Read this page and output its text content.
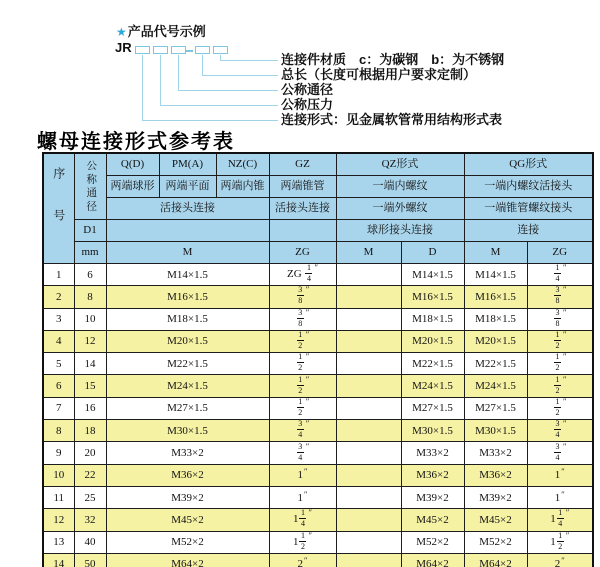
★产品代号示例
JR
连接件材质　c：为碳钢　b：为不锈钢
总长（长度可根据用户要求定制）
公称通径
公称压力
连接形式：见金属软管常用结构形式表
螺母连接形式参考表
序号	公称通径	Q(D)	PM(A)	NZ(C)	GZ	QZ形式		QG形式	
		两端球形	两端平面	两端内锥	两端锥管	一端内螺纹		一端内螺纹活接头	
		活接头连接			活接头连接	一端外螺纹		一端锥管螺纹接头	
	D1					球形接头连接		连接	
	mm	M			ZG	M	D	M	ZG
1	6	M14×1.5			ZG $\frac{1}{4} ''$		M14×1.5	M14×1.5	$\frac{1}{4} ''$
2	8	M16×1.5			$\frac{3}{8} ''$		M16×1.5	M16×1.5	$\frac{3}{8} ''$
3	10	M18×1.5			$\frac{3}{8} ''$		M18×1.5	M18×1.5	$\frac{3}{8} ''$
4	12	M20×1.5			$\frac{1}{2} ''$		M20×1.5	M20×1.5	$\frac{1}{2} ''$
5	14	M22×1.5			$\frac{1}{2} ''$		M22×1.5	M22×1.5	$\frac{1}{2} ''$
6	15	M24×1.5			$\frac{1}{2} ''$		M24×1.5	M24×1.5	$\frac{1}{2} ''$
7	16	M27×1.5			$\frac{1}{2} ''$		M27×1.5	M27×1.5	$\frac{1}{2} ''$
8	18	M30×1.5			$\frac{3}{4} ''$		M30×1.5	M30×1.5	$\frac{3}{4} ''$
9	20	M33×2			$\frac{3}{4} ''$		M33×2	M33×2	$\frac{3}{4} ''$
10	22	M36×2			1″		M36×2	M36×2	1″
11	25	M39×2			1″		M39×2	M39×2	1″
12	32	M45×2			$1 \frac{1}{4} ''$		M45×2	M45×2	$1 \frac{1}{4} ''$
13	40	M52×2			$1 \frac{1}{2} ''$		M52×2	M52×2	$1 \frac{1}{2} ''$
14	50	M64×2			2″		M64×2	M64×2	2″
